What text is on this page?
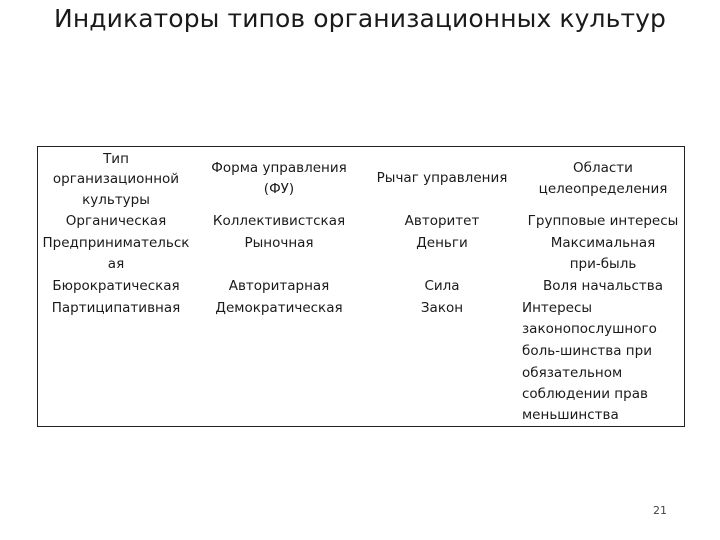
Индикаторы типов организационных культур
Тип
организационной
культуры
Органическая
Предпринимательск
ая
Бюрократическая
Партиципативная
Форма управления
(ФУ)
Коллективистская
Рыночная
Авторитарная
Демократическая
Рычаг управления
Авторитет
Деньги
Сила
Закон
Области
целеопределения
Групповые интересы
Максимальная
при-быль
Воля начальства
Интересы
законопослушного
боль-шинства при
обязательном
соблюдении прав
меньшинства
21
